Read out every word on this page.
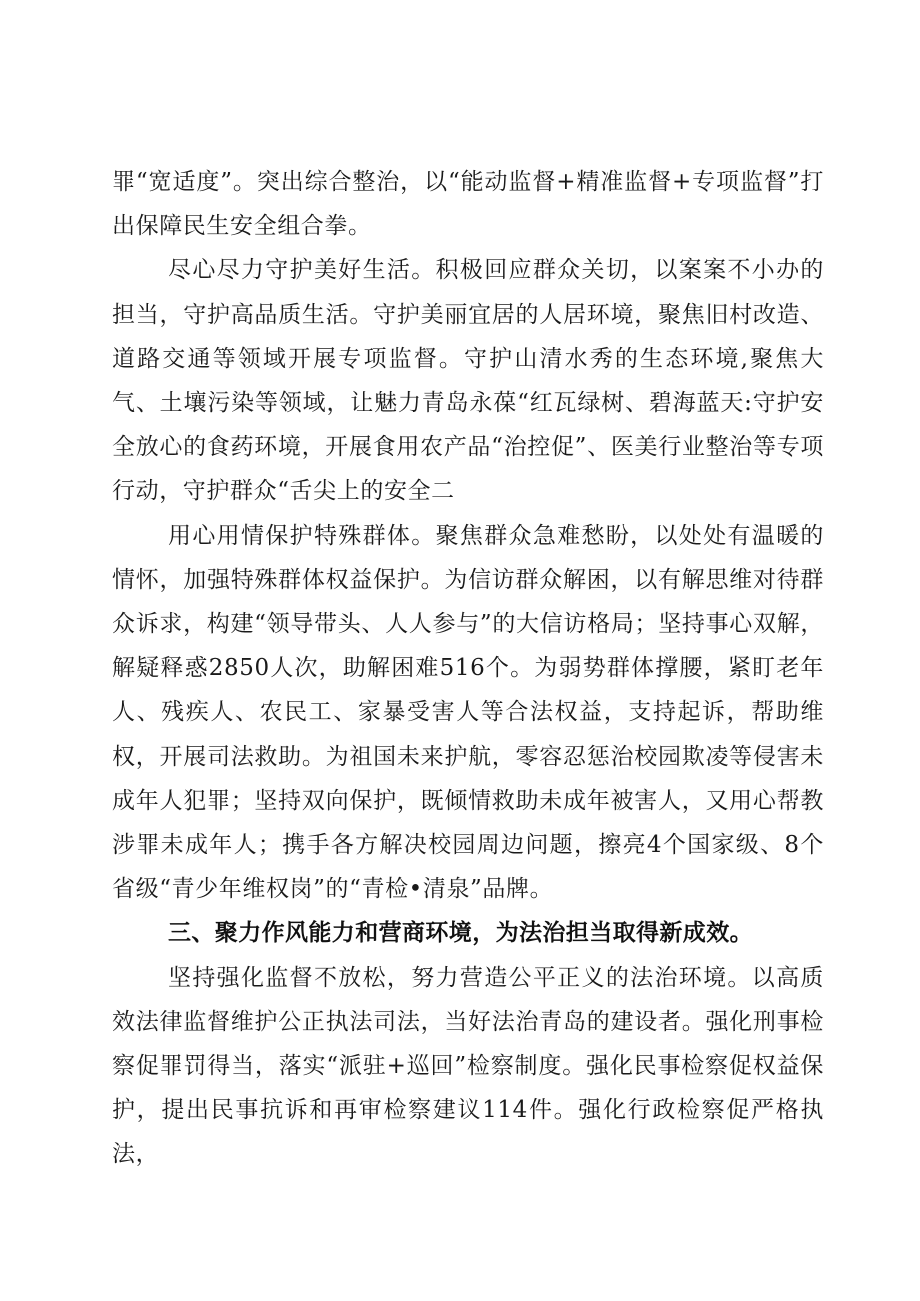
罪“宽适度”。突出综合整治，以“能动监督+精准监督+专项监督”打出保障民生安全组合拳。

尽心尽力守护美好生活。积极回应群众关切，以案案不小办的担当，守护高品质生活。守护美丽宜居的人居环境，聚焦旧村改造、道路交通等领域开展专项监督。守护山清水秀的生态环境,聚焦大气、土壤污染等领域，让魅力青岛永葆“红瓦绿树、碧海蓝天:守护安全放心的食药环境，开展食用农产品“治控促”、医美行业整治等专项行动，守护群众“舌尖上的安全二

用心用情保护特殊群体。聚焦群众急难愁盼，以处处有温暖的情怀，加强特殊群体权益保护。为信访群众解困，以有解思维对待群众诉求，构建“领导带头、人人参与”的大信访格局；坚持事心双解，解疑释惑2850人次，助解困难516个。为弱势群体撑腰，紧盯老年人、残疾人、农民工、家暴受害人等合法权益，支持起诉，帮助维权，开展司法救助。为祖国未来护航，零容忍惩治校园欺凌等侵害未成年人犯罪；坚持双向保护，既倾情救助未成年被害人，又用心帮教涉罪未成年人；携手各方解决校园周边问题，擦亮4个国家级、8个省级“青少年维权岗”的“青检•清泉”品牌。

三、聚力作风能力和营商环境，为法治担当取得新成效。

坚持强化监督不放松，努力营造公平正义的法治环境。以高质效法律监督维护公正执法司法，当好法治青岛的建设者。强化刑事检察促罪罚得当，落实“派驻+巡回”检察制度。强化民事检察促权益保护，提出民事抗诉和再审检察建议114件。强化行政检察促严格执法，
